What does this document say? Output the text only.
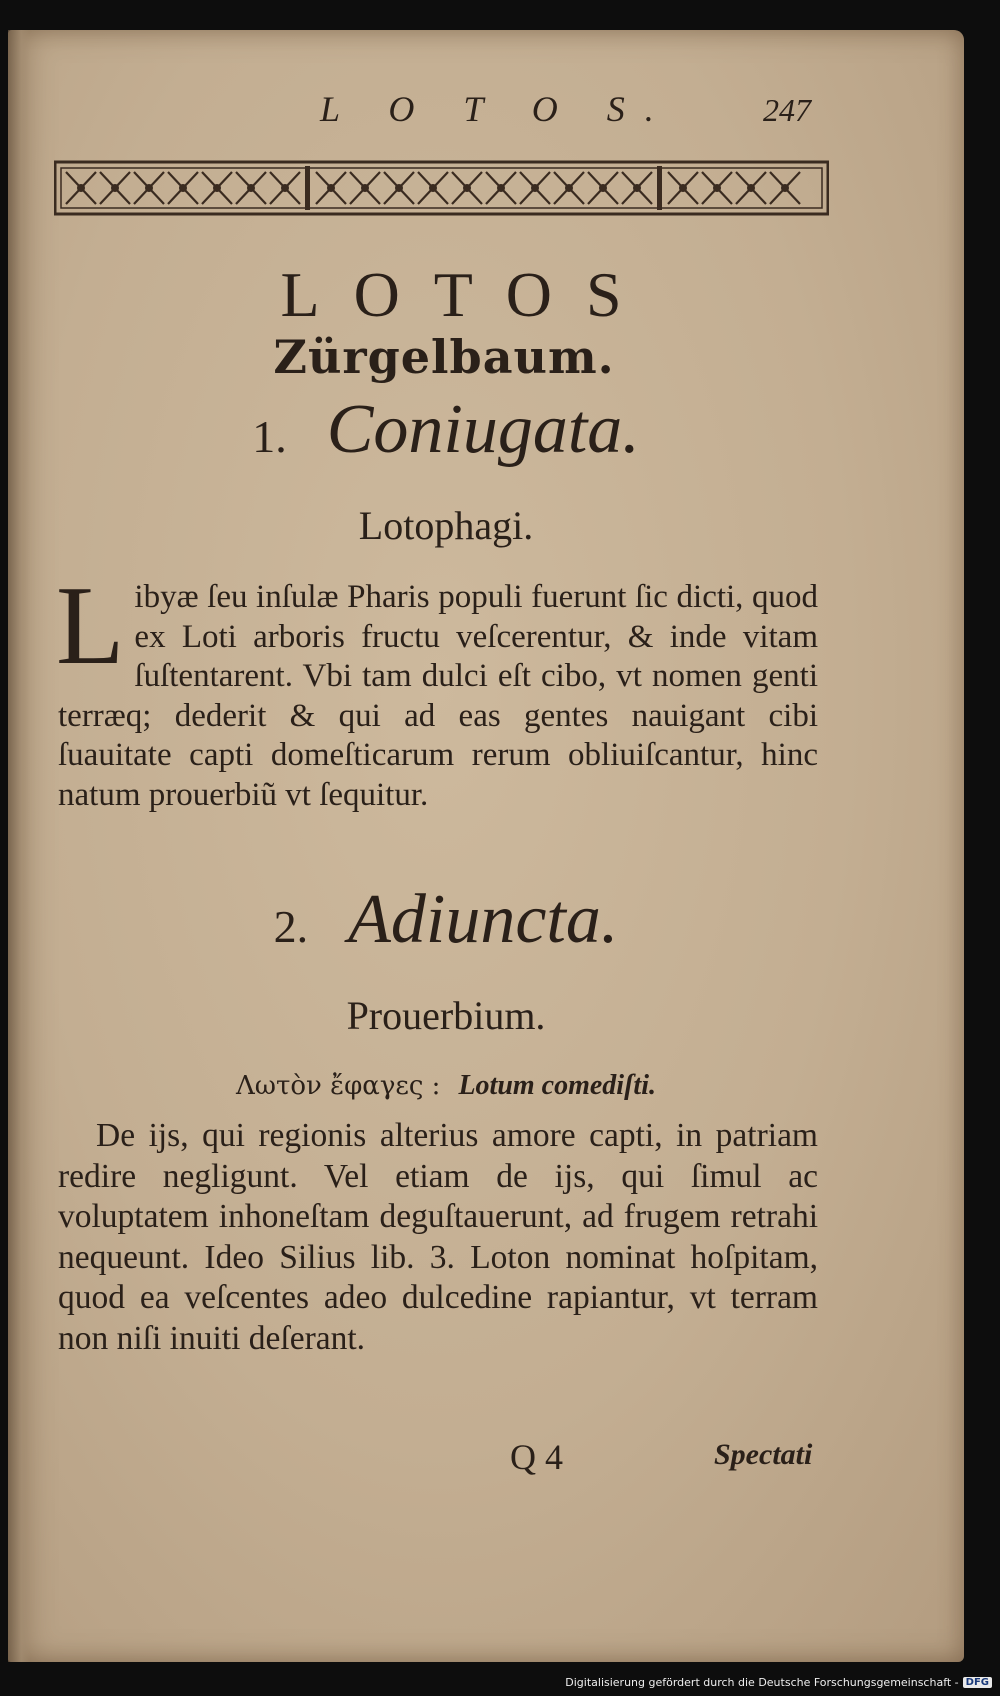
L O T O S.	247
LOTOS
Zürgelbaum.
1. Coniugata.
Lotophagi.
Libyæ ſeu inſulæ Pharis populi fuerunt ſic dicti, quod ex Loti arboris fructu veſcerentur, & inde vitam ſuſtentarent. Vbi tam dulci eſt cibo, vt nomen genti terræq; dederit & qui ad eas gentes nauigant cibi ſuauitate capti domeſticarum rerum obliuiſcantur, hinc natum prouerbiũ vt ſequitur.
2. Adiuncta.
Prouerbium.
Λωτὸν ἔφαγες : Lotum comediſti.
De ijs, qui regionis alterius amore capti, in patriam redire negligunt. Vel etiam de ijs, qui ſimul ac voluptatem inhoneſtam deguſtauerunt, ad frugem retrahi nequeunt. Ideo Silius lib. 3. Loton nominat hoſpitam, quod ea veſcentes adeo dulcedine rapiantur, vt terram non niſi inuiti deſerant.
Q 4	Spectati
Digitalisierung gefördert durch die Deutsche Forschungsgemeinschaft - DFG
